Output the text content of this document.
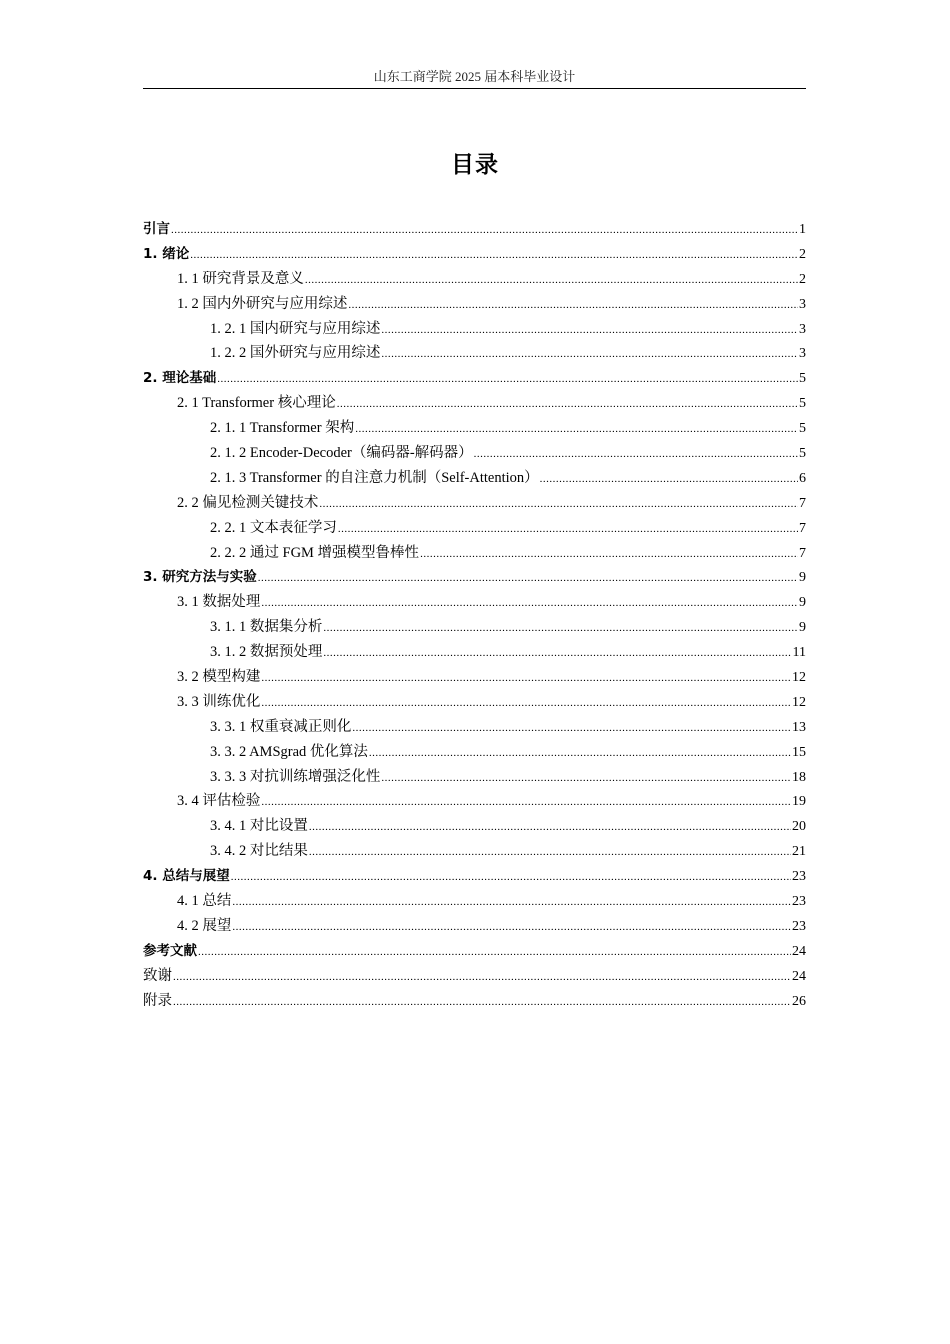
山东工商学院 2025 届本科毕业设计
目录
引言 .....	1
1. 绪论 .....	2
1. 1 研究背景及意义 .....	2
1. 2 国内外研究与应用综述 .....	3
1. 2. 1 国内研究与应用综述 .....	3
1. 2. 2 国外研究与应用综述 .....	3
2. 理论基础 .....	5
2. 1 Transformer 核心理论 .....	5
2. 1. 1 Transformer 架构 .....	5
2. 1. 2 Encoder-Decoder（编码器-解码器） .....	5
2. 1. 3 Transformer 的自注意力机制（Self-Attention） .....	6
2. 2 偏见检测关键技术 .....	7
2. 2. 1 文本表征学习 .....	7
2. 2. 2 通过 FGM 增强模型鲁棒性 .....	7
3. 研究方法与实验 .....	9
3. 1 数据处理 .....	9
3. 1. 1 数据集分析 .....	9
3. 1. 2 数据预处理 .....	11
3. 2 模型构建 .....	12
3. 3 训练优化 .....	12
3. 3. 1 权重衰减正则化 .....	13
3. 3. 2 AMSgrad 优化算法 .....	15
3. 3. 3 对抗训练增强泛化性 .....	18
3. 4 评估检验 .....	19
3. 4. 1 对比设置 .....	20
3. 4. 2 对比结果 .....	21
4. 总结与展望 .....	23
4. 1 总结 .....	23
4. 2 展望 .....	23
参考文献 .....	24
致谢 .....	24
附录 .....	26
